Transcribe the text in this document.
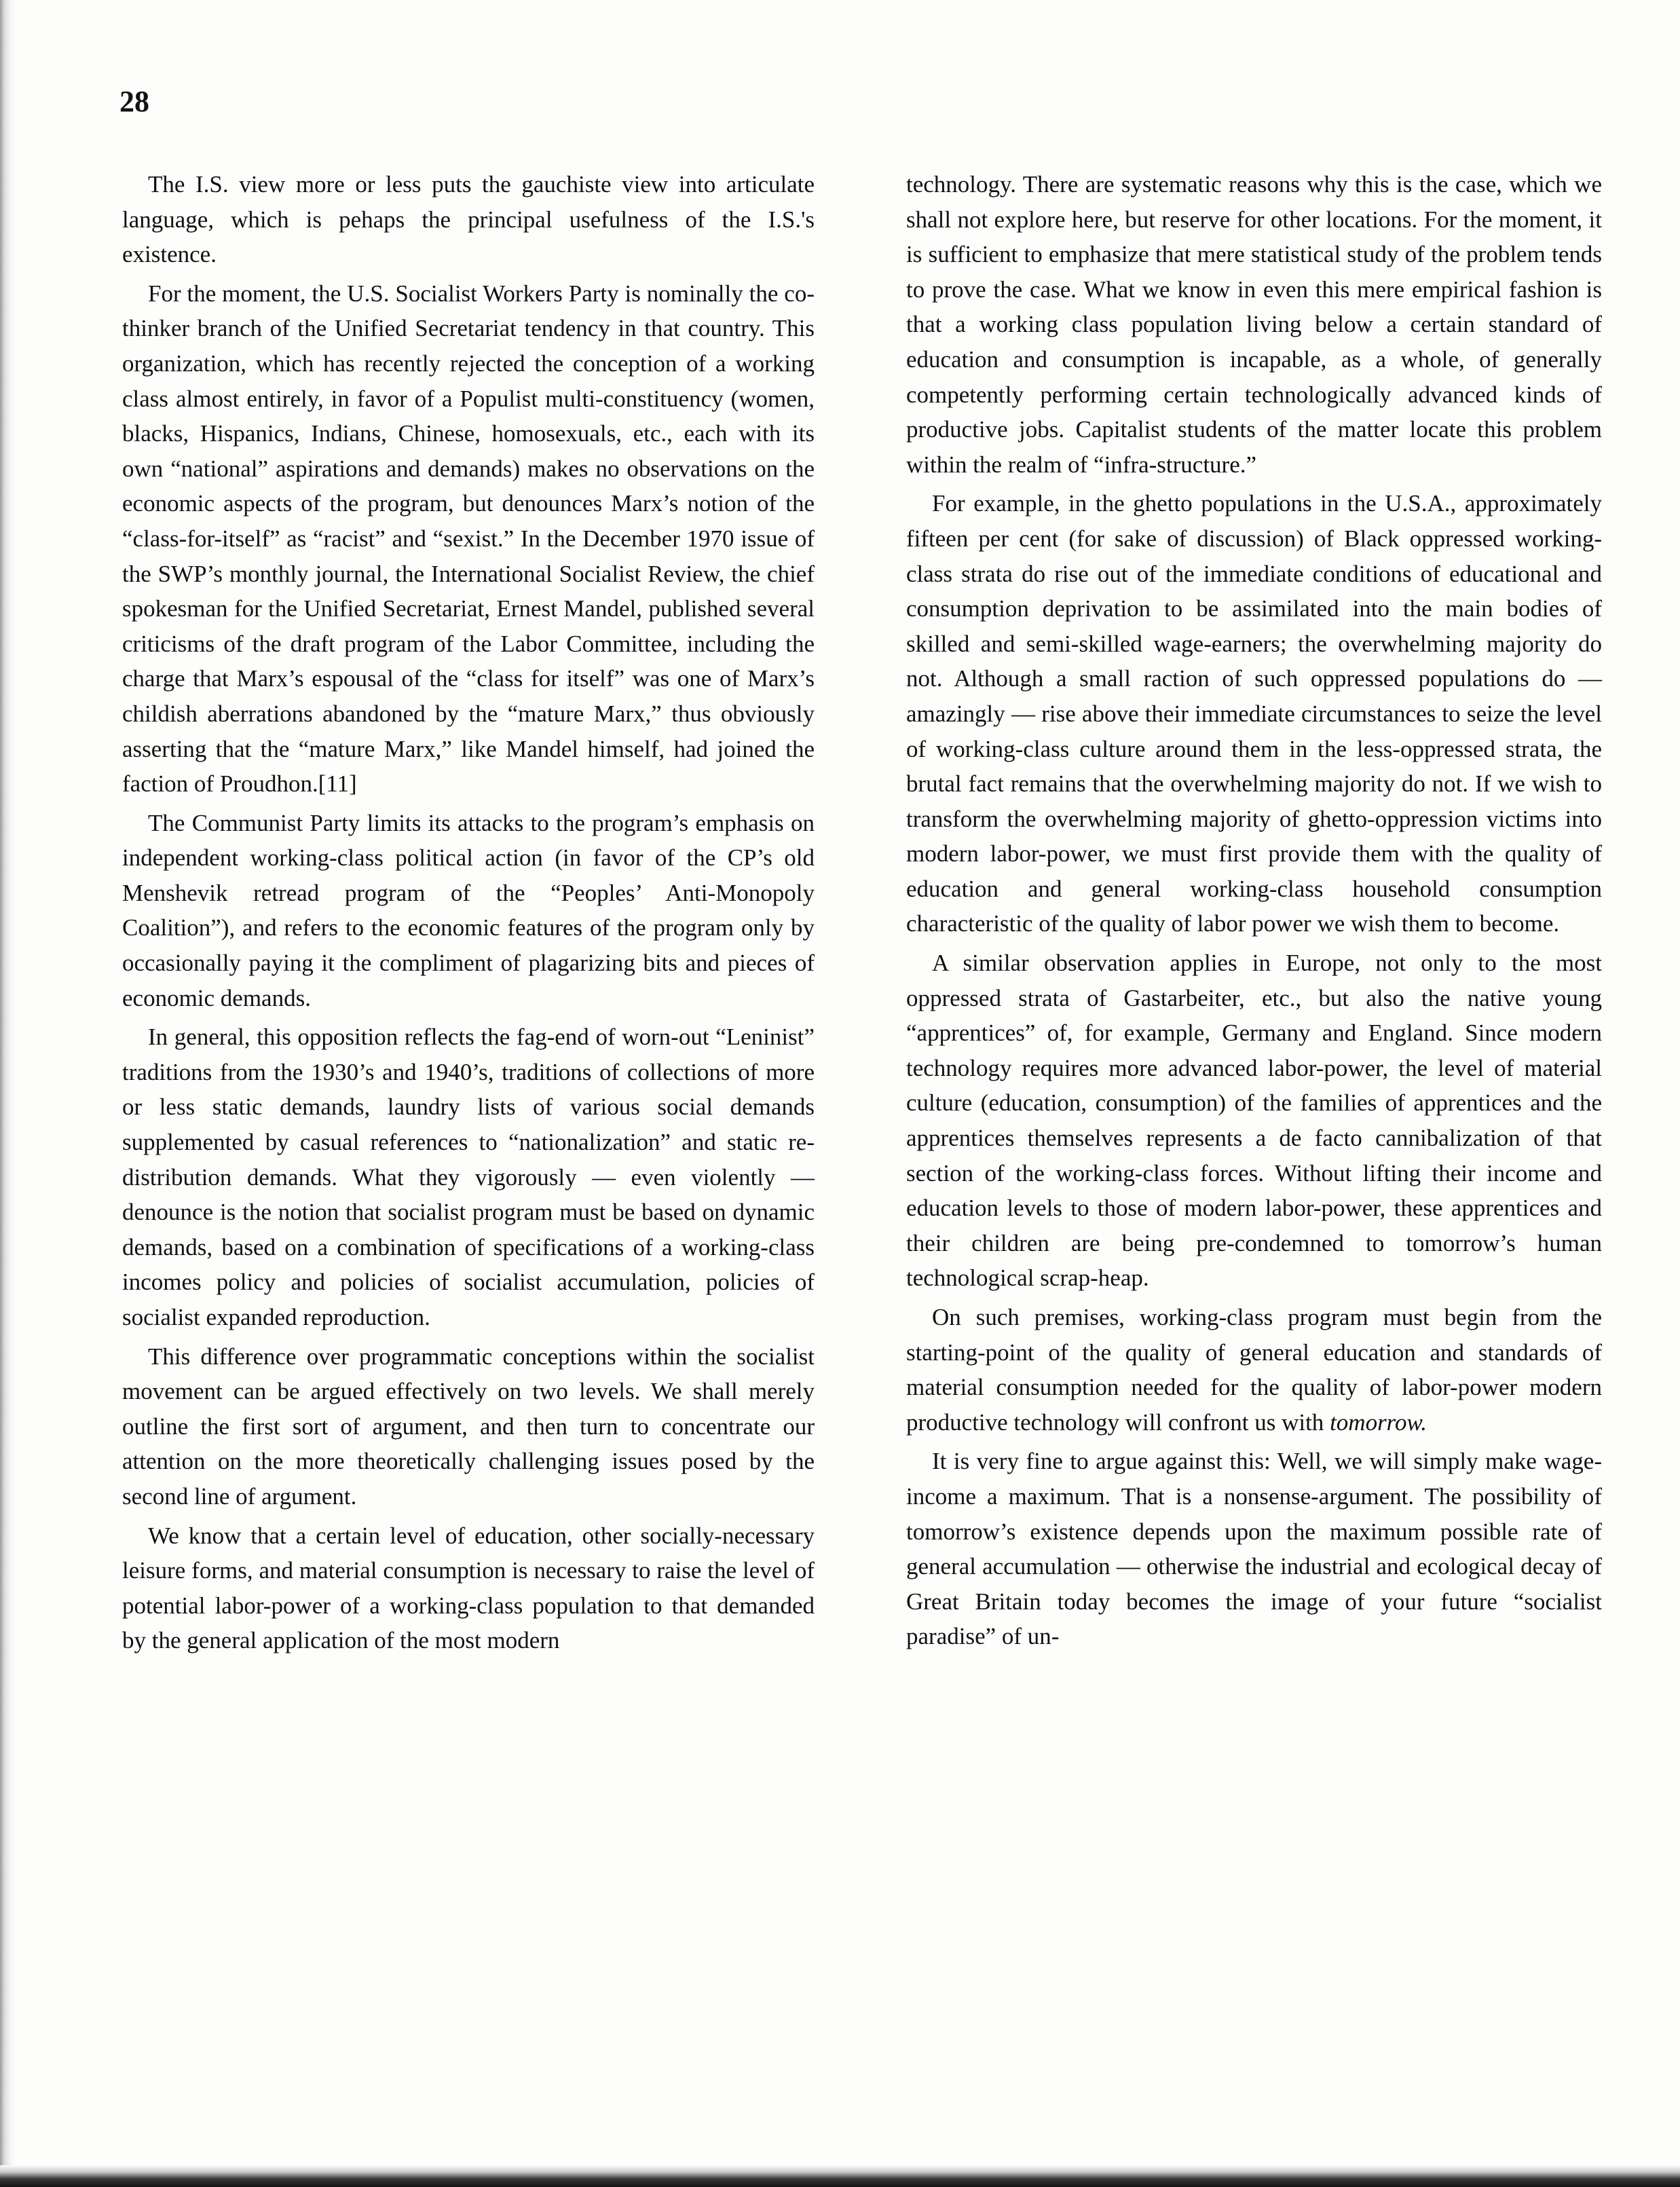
28

The I.S. view more or less puts the gauchiste view into articulate language, which is pehaps the principal usefulness of the I.S.'s existence.

For the moment, the U.S. Socialist Workers Party is nominally the co-thinker branch of the Unified Secretariat tendency in that country. This organization, which has recently rejected the conception of a working class almost entirely, in favor of a Populist multi-constituency (women, blacks, Hispanics, Indians, Chinese, homosexuals, etc., each with its own “national” aspirations and demands) makes no observations on the economic aspects of the program, but denounces Marx’s notion of the “class-for-itself” as “racist” and “sexist.” In the December 1970 issue of the SWP’s monthly journal, the International Socialist Review, the chief spokesman for the Unified Secretariat, Ernest Mandel, published several criticisms of the draft program of the Labor Committee, including the charge that Marx’s espousal of the “class for itself” was one of Marx’s childish aberrations abandoned by the “mature Marx,” thus obviously asserting that the “mature Marx,” like Mandel himself, had joined the faction of Proudhon.[11]

The Communist Party limits its attacks to the program’s emphasis on independent working-class political action (in favor of the CP’s old Menshevik retread program of the “Peoples’ Anti-Monopoly Coalition”), and refers to the economic features of the program only by occasionally paying it the compliment of plagarizing bits and pieces of economic demands.

In general, this opposition reflects the fag-end of worn-out “Leninist” traditions from the 1930’s and 1940’s, traditions of collections of more or less static demands, laundry lists of various social demands supplemented by casual references to “nationalization” and static re-distribution demands. What they vigorously — even violently — denounce is the notion that socialist program must be based on dynamic demands, based on a combination of specifications of a working-class incomes policy and policies of socialist accumulation, policies of socialist expanded reproduction.

This difference over programmatic conceptions within the socialist movement can be argued effectively on two levels. We shall merely outline the first sort of argument, and then turn to concentrate our attention on the more theoretically challenging issues posed by the second line of argument.

We know that a certain level of education, other socially-necessary leisure forms, and material consumption is necessary to raise the level of potential labor-power of a working-class population to that demanded by the general application of the most modern

technology. There are systematic reasons why this is the case, which we shall not explore here, but reserve for other locations. For the moment, it is sufficient to emphasize that mere statistical study of the problem tends to prove the case. What we know in even this mere empirical fashion is that a working class population living below a certain standard of education and consumption is incapable, as a whole, of generally competently performing certain technologically advanced kinds of productive jobs. Capitalist students of the matter locate this problem within the realm of “infra-structure.”

For example, in the ghetto populations in the U.S.A., approximately fifteen per cent (for sake of discussion) of Black oppressed working-class strata do rise out of the immediate conditions of educational and consumption deprivation to be assimilated into the main bodies of skilled and semi-skilled wage-earners; the overwhelming majority do not. Although a small raction of such oppressed populations do — amazingly — rise above their immediate circumstances to seize the level of working-class culture around them in the less-oppressed strata, the brutal fact remains that the overwhelming majority do not. If we wish to transform the overwhelming majority of ghetto-oppression victims into modern labor-power, we must first provide them with the quality of education and general working-class household consumption characteristic of the quality of labor power we wish them to become.

A similar observation applies in Europe, not only to the most oppressed strata of Gastarbeiter, etc., but also the native young “apprentices” of, for example, Germany and England. Since modern technology requires more advanced labor-power, the level of material culture (education, consumption) of the families of apprentices and the apprentices themselves represents a de facto cannibalization of that section of the working-class forces. Without lifting their income and education levels to those of modern labor-power, these apprentices and their children are being pre-condemned to tomorrow’s human technological scrap-heap.

On such premises, working-class program must begin from the starting-point of the quality of general education and standards of material consumption needed for the quality of labor-power modern productive technology will confront us with tomorrow.

It is very fine to argue against this: Well, we will simply make wage-income a maximum. That is a nonsense-argument. The possibility of tomorrow’s existence depends upon the maximum possible rate of general accumulation — otherwise the industrial and ecological decay of Great Britain today becomes the image of your future “socialist paradise” of un-
